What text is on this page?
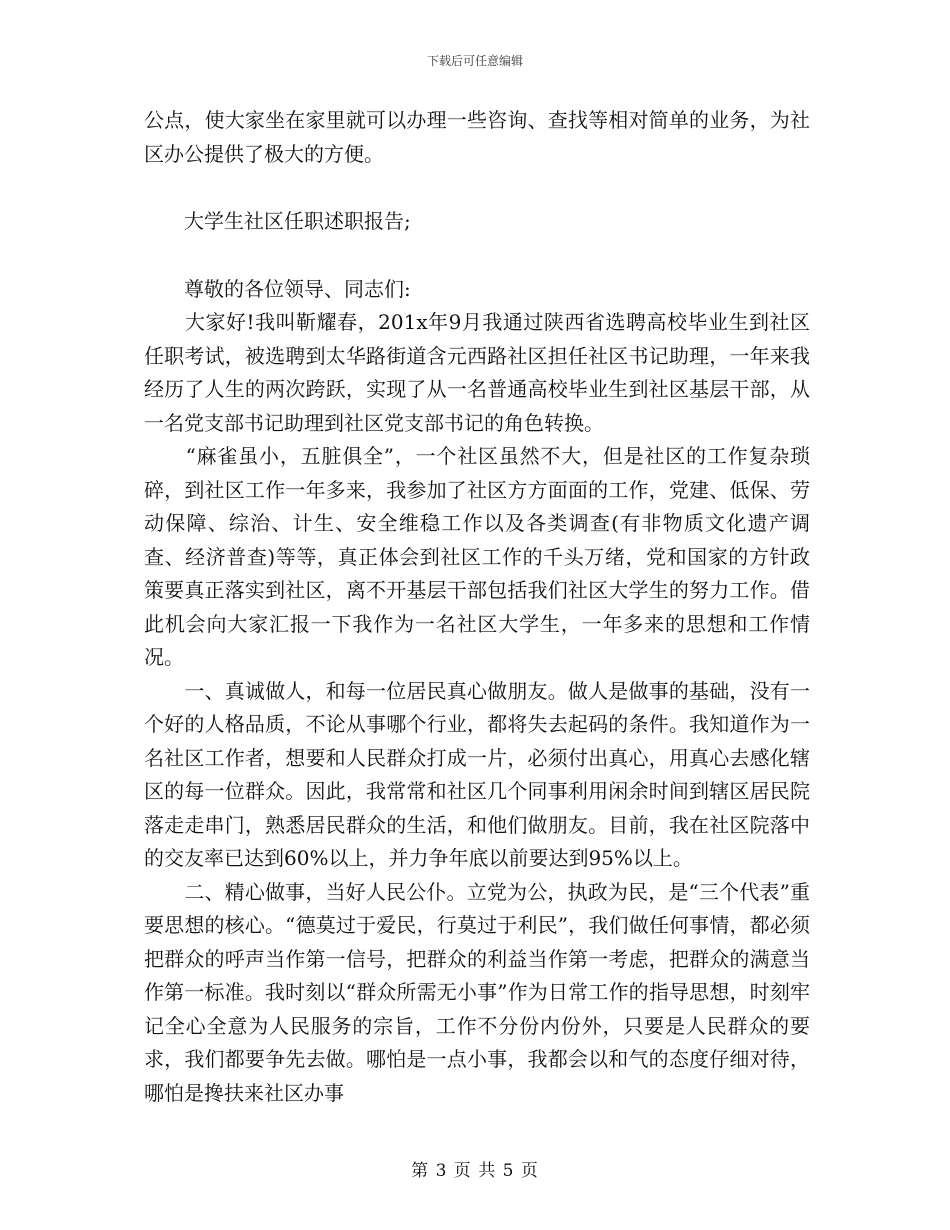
下载后可任意编辑

公点，使大家坐在家里就可以办理一些咨询、查找等相对简单的业务，为社区办公提供了极大的方便。

　　大学生社区任职述职报告;

　　尊敬的各位领导、同志们:

　　大家好!我叫靳耀春，201x年9月我通过陕西省选聘高校毕业生到社区任职考试，被选聘到太华路街道含元西路社区担任社区书记助理，一年来我经历了人生的两次跨跃，实现了从一名普通高校毕业生到社区基层干部，从一名党支部书记助理到社区党支部书记的角色转换。

　　“麻雀虽小，五脏俱全”，一个社区虽然不大，但是社区的工作复杂琐碎，到社区工作一年多来，我参加了社区方方面面的工作，党建、低保、劳动保障、综治、计生、安全维稳工作以及各类调查(有非物质文化遗产调查、经济普查)等等，真正体会到社区工作的千头万绪，党和国家的方针政策要真正落实到社区，离不开基层干部包括我们社区大学生的努力工作。借此机会向大家汇报一下我作为一名社区大学生，一年多来的思想和工作情况。

　　一、真诚做人，和每一位居民真心做朋友。做人是做事的基础，没有一个好的人格品质，不论从事哪个行业，都将失去起码的条件。我知道作为一名社区工作者，想要和人民群众打成一片，必须付出真心，用真心去感化辖区的每一位群众。因此，我常常和社区几个同事利用闲余时间到辖区居民院落走走串门，熟悉居民群众的生活，和他们做朋友。目前，我在社区院落中的交友率已达到60%以上，并力争年底以前要达到95%以上。

　　二、精心做事，当好人民公仆。立党为公，执政为民，是“三个代表”重要思想的核心。“德莫过于爱民，行莫过于利民”，我们做任何事情，都必须把群众的呼声当作第一信号，把群众的利益当作第一考虑，把群众的满意当作第一标准。我时刻以“群众所需无小事”作为日常工作的指导思想，时刻牢记全心全意为人民服务的宗旨，工作不分份内份外，只要是人民群众的要求，我们都要争先去做。哪怕是一点小事，我都会以和气的态度仔细对待，哪怕是搀扶来社区办事

第 3 页 共 5 页
